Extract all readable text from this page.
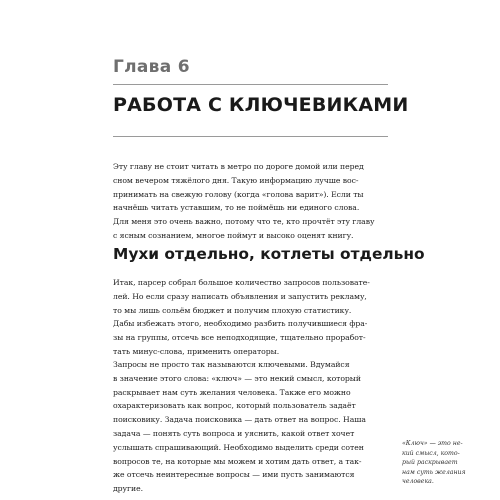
Глава 6
РАБОТА С КЛЮЧЕВИКАМИ
Эту главу не стоит читать в метро по дороге домой или перед
сном вечером тяжёлого дня. Такую информацию лучше вос-
принимать на свежую голову (когда «голова варит»). Если ты
начнёшь читать уставшим, то не поймёшь ни единого слова.
Для меня это очень важно, потому что те, кто прочтёт эту главу
с ясным сознанием, многое поймут и высоко оценят книгу.
Мухи отдельно, котлеты отдельно
Итак, парсер собрал большое количество запросов пользовате-
лей. Но если сразу написать объявления и запустить рекламу,
то мы лишь сольём бюджет и получим плохую статистику.
Дабы избежать этого, необходимо разбить получившиеся фра-
зы на группы, отсечь все неподходящие, тщательно проработ-
тать минус-слова, применить операторы.
Запросы не просто так называются ключевыми. Вдумайся
в значение этого слова: «ключ» — это некий смысл, который
раскрывает нам суть желания человека. Также его можно
охарактеризовать как вопрос, который пользователь задаёт
поисковику. Задача поисковика — дать ответ на вопрос. Наша
задача — понять суть вопроса и уяснить, какой ответ хочет
услышать спрашивающий. Необходимо выделить среди сотен
вопросов те, на которые мы можем и хотим дать ответ, а так-
же отсечь неинтересные вопросы — ими пусть занимаются
другие.
«Ключ» — это не-
кий смысл, кото-
рый раскрывает
нам суть желания
человека.
